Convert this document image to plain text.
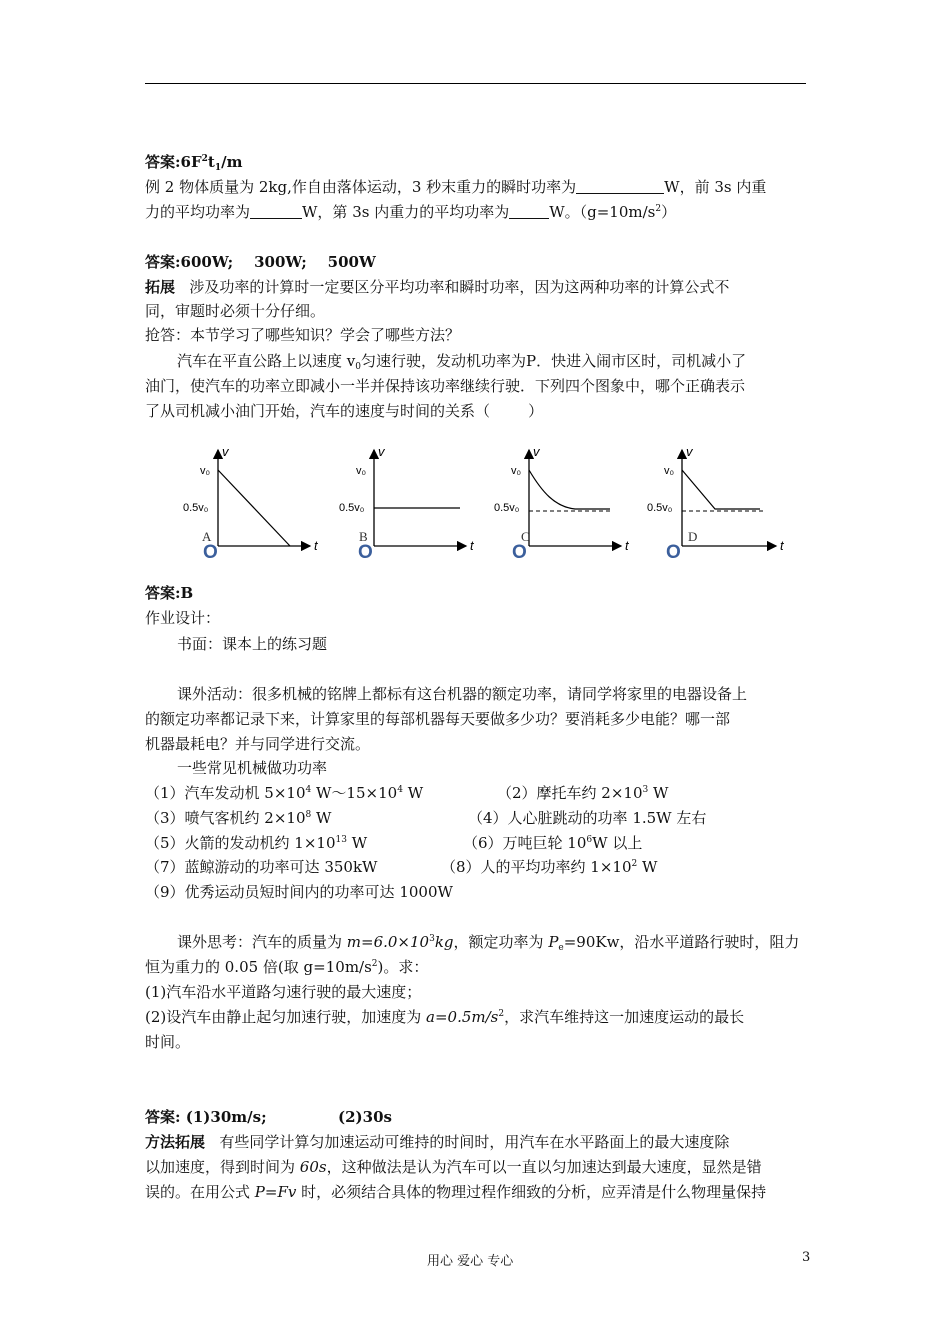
答案$:6F^2t_1/m$
例 2 物体质量为 2kg,作自由落体运动，3 秒末重力的瞬时功率为	W，前 3s 内重
力的平均功率为	W，第 3s 内重力的平均功率为	W。$(g=10m/s^2)$
答案:600W;    300W;    500W
拓展   涉及功率的计算时一定要区分平均功率和瞬时功率，因为这两种功率的计算公式不
同，审题时必须十分仔细。
抢答：本节学习了哪些知识？学会了哪些方法？
汽车在平直公路上以速度 $v_0$匀速行驶，发动机功率为P．快进入闹市区时，司机减小了
油门，使汽车的功率立即减小一半并保持该功率继续行驶．下列四个图象中，哪个正确表示
了从司机减小油门开始，汽车的速度与时间的关系（        ）
v
v₀
0.5v₀
t
A
O
v
v₀
0.5v₀
t
B
O
v
v₀
0.5v₀
t
C
O
v
v₀
0.5v₀
t
D
O
答案:B
作业设计：
书面：课本上的练习题
课外活动：很多机械的铭牌上都标有这台机器的额定功率，请同学将家里的电器设备上
的额定功率都记录下来，计算家里的每部机器每天要做多少功？要消耗多少电能？哪一部
机器最耗电？并与同学进行交流。
一些常见机械做功功率
（1）汽车发动机 $5\times 10^4$ $W\sim 15\times 10^4$ W	（2）摩托车约 $2\times 10^3$ W
（3）喷气客机约 $2\times 10^8$ W	（4）人心脏跳动的功率 1.5W 左右
（5）火箭的发动机约 $1\times 10^{13}$ W	（6）万吨巨轮 $10^6W$ 以上
（7）蓝鲸游动的功率可达 350kW	（8）人的平均功率约 $1\times 10^2$ W
（9）优秀运动员短时间内的功率可达 1000W
课外思考：汽车的质量为 $m=6.0\times 10^3kg$，额定功率为 $P_e=90Kw$，沿水平道路行驶时，阻力
恒为重力的 0.05 倍(取 $g=10m/s^2$)。求：
(1)汽车沿水平道路匀速行驶的最大速度；
(2)设汽车由静止起匀加速行驶，加速度为 $a=0.5m/s^2$，求汽车维持这一加速度运动的最长
时间。
答案: (1)30m/s;	(2)30s
方法拓展   有些同学计算匀加速运动可维持的时间时，用汽车在水平路面上的最大速度除
以加速度，得到时间为 60s，这种做法是认为汽车可以一直以匀加速达到最大速度，显然是错
误的。在用公式 P=Fv 时，必须结合具体的物理过程作细致的分析，应弄清是什么物理量保持
用心 爱心 专心	3
